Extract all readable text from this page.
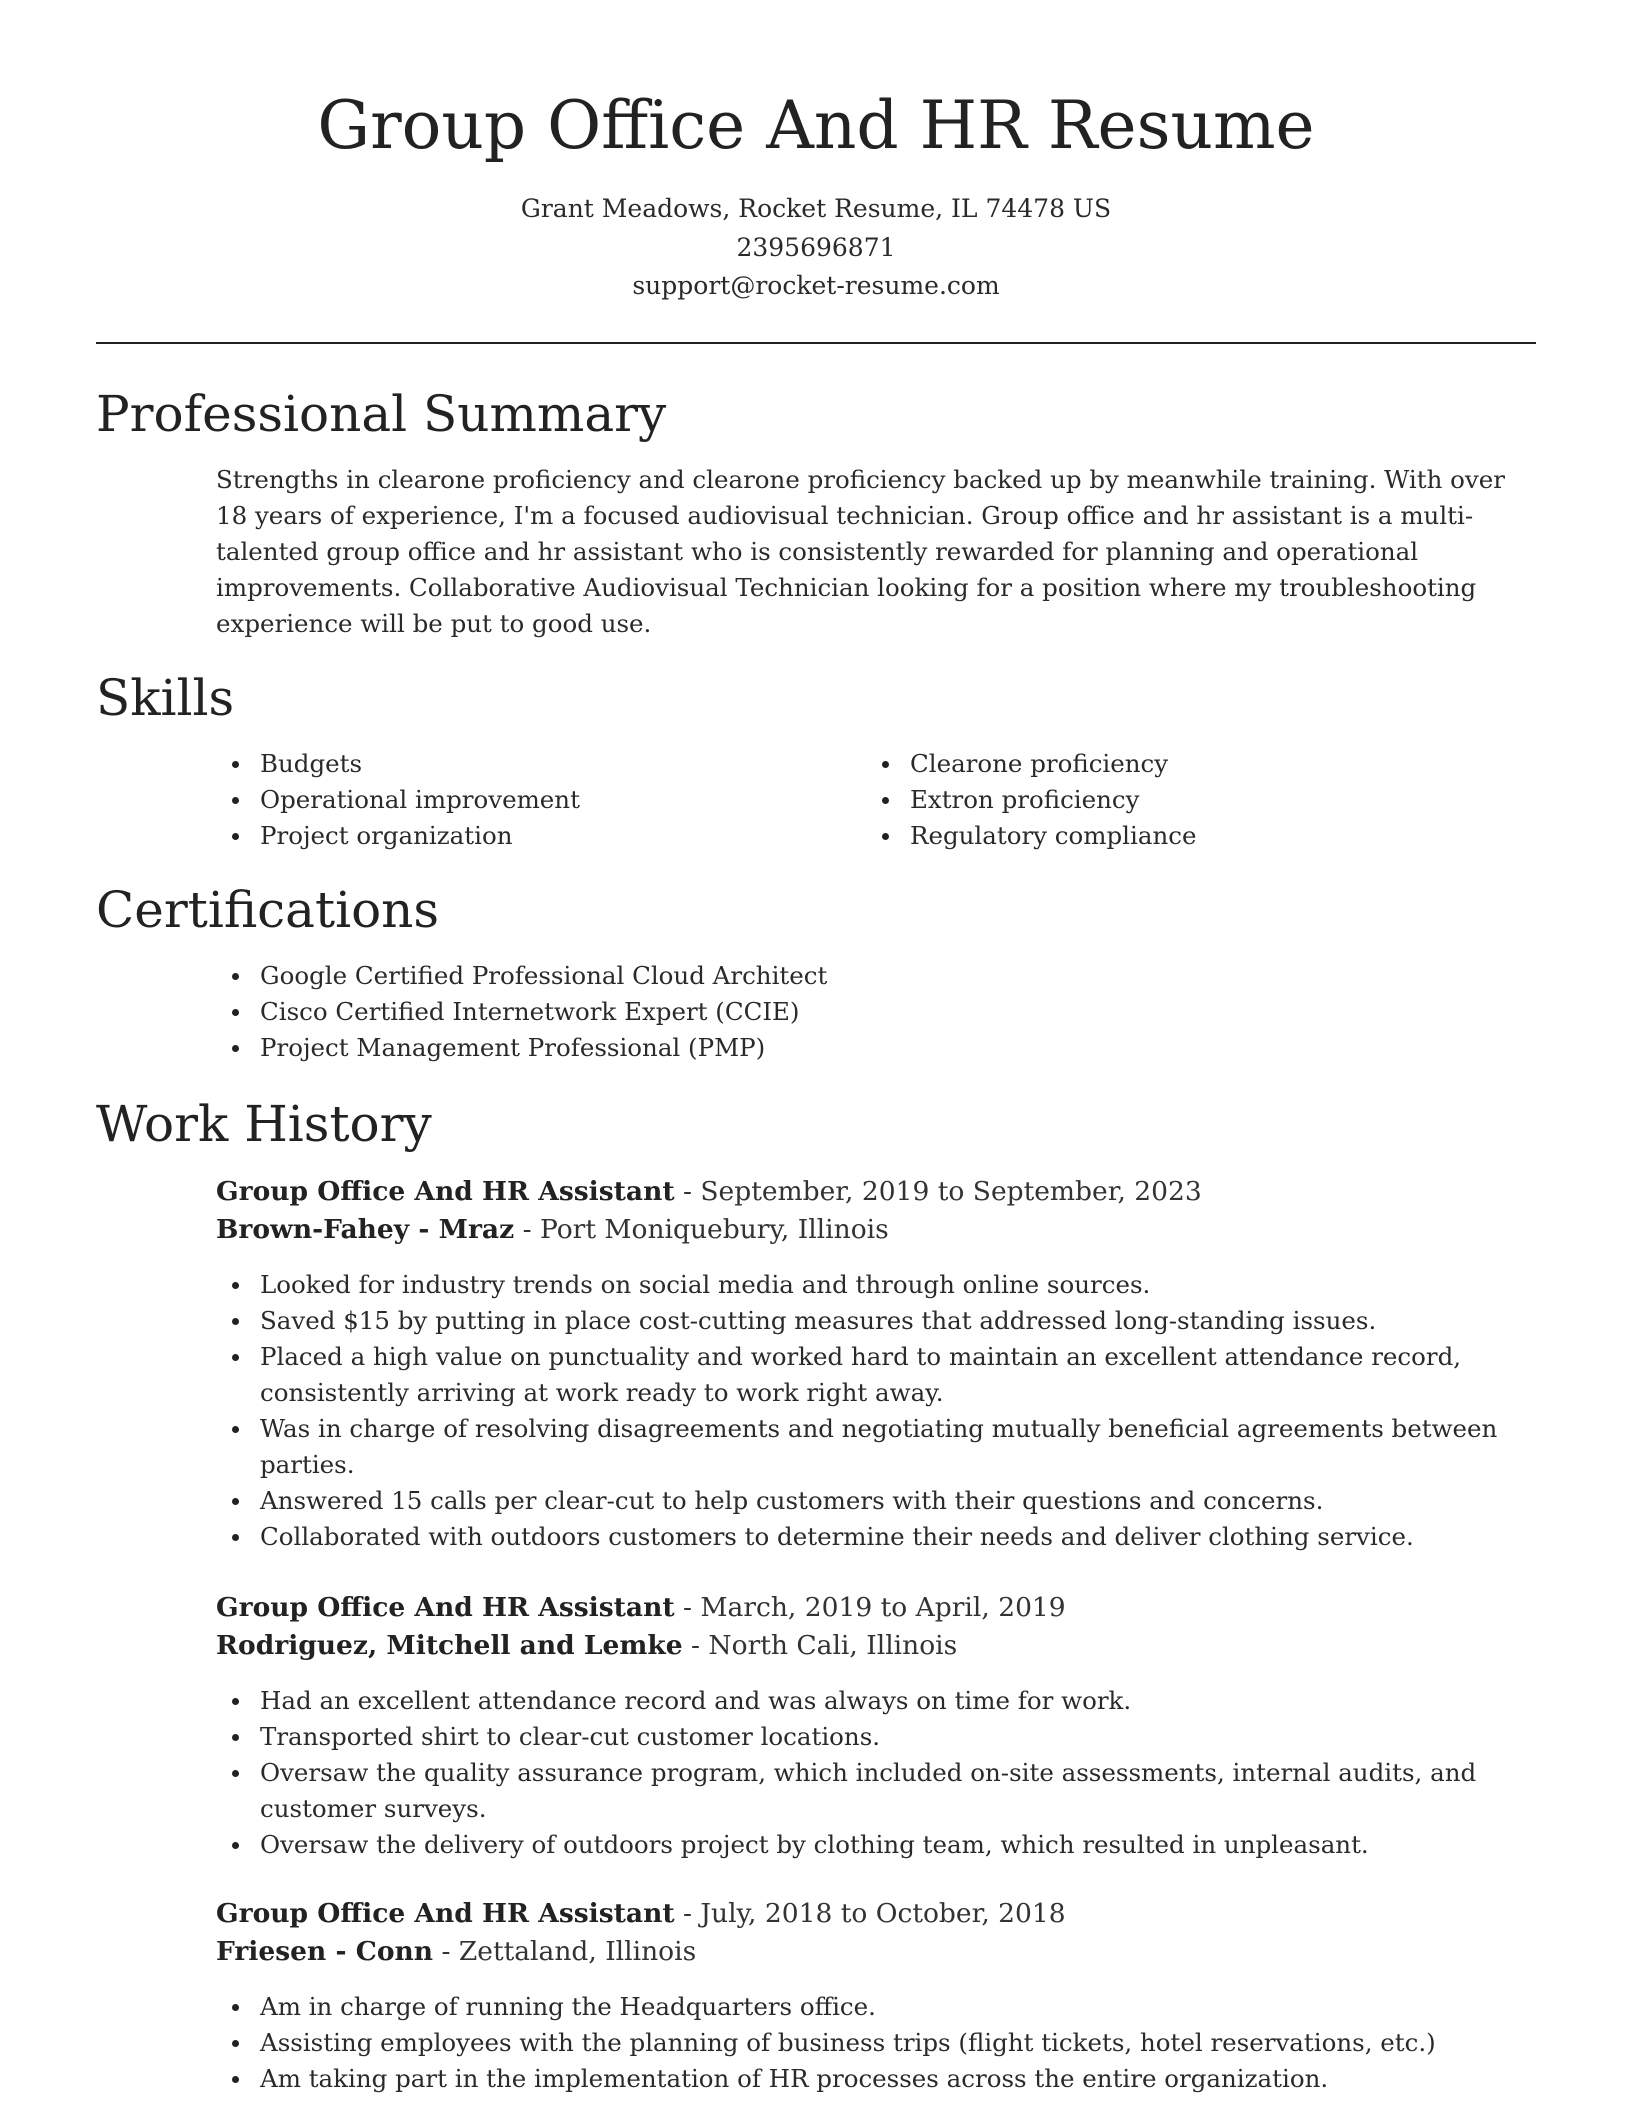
Group Office And HR Resume
Grant Meadows, Rocket Resume, IL 74478 US
2395696871
support@rocket-resume.com
Professional Summary

Strengths in clearone proficiency and clearone proficiency backed up by meanwhile training. With over 18 years of experience, I'm a focused audiovisual technician. Group office and hr assistant is a multi-talented group office and hr assistant who is consistently rewarded for planning and operational improvements. Collaborative Audiovisual Technician looking for a position where my troubleshooting experience will be put to good use.

Skills
Budgets
Operational improvement
Project organization
Clearone proficiency
Extron proficiency
Regulatory compliance
Certifications
Google Certified Professional Cloud Architect
Cisco Certified Internetwork Expert (CCIE)
Project Management Professional (PMP)
Work History
Group Office And HR Assistant - September, 2019 to September, 2023
Brown-Fahey - Mraz - Port Moniquebury, Illinois
Looked for industry trends on social media and through online sources.
Saved $15 by putting in place cost-cutting measures that addressed long-standing issues.
Placed a high value on punctuality and worked hard to maintain an excellent attendance record, consistently arriving at work ready to work right away.
Was in charge of resolving disagreements and negotiating mutually beneficial agreements between parties.
Answered 15 calls per clear-cut to help customers with their questions and concerns.
Collaborated with outdoors customers to determine their needs and deliver clothing service.
Group Office And HR Assistant - March, 2019 to April, 2019
Rodriguez, Mitchell and Lemke - North Cali, Illinois
Had an excellent attendance record and was always on time for work.
Transported shirt to clear-cut customer locations.
Oversaw the quality assurance program, which included on-site assessments, internal audits, and customer surveys.
Oversaw the delivery of outdoors project by clothing team, which resulted in unpleasant.
Group Office And HR Assistant - July, 2018 to October, 2018
Friesen - Conn - Zettaland, Illinois
Am in charge of running the Headquarters office.
Assisting employees with the planning of business trips (flight tickets, hotel reservations, etc.)
Am taking part in the implementation of HR processes across the entire organization.
